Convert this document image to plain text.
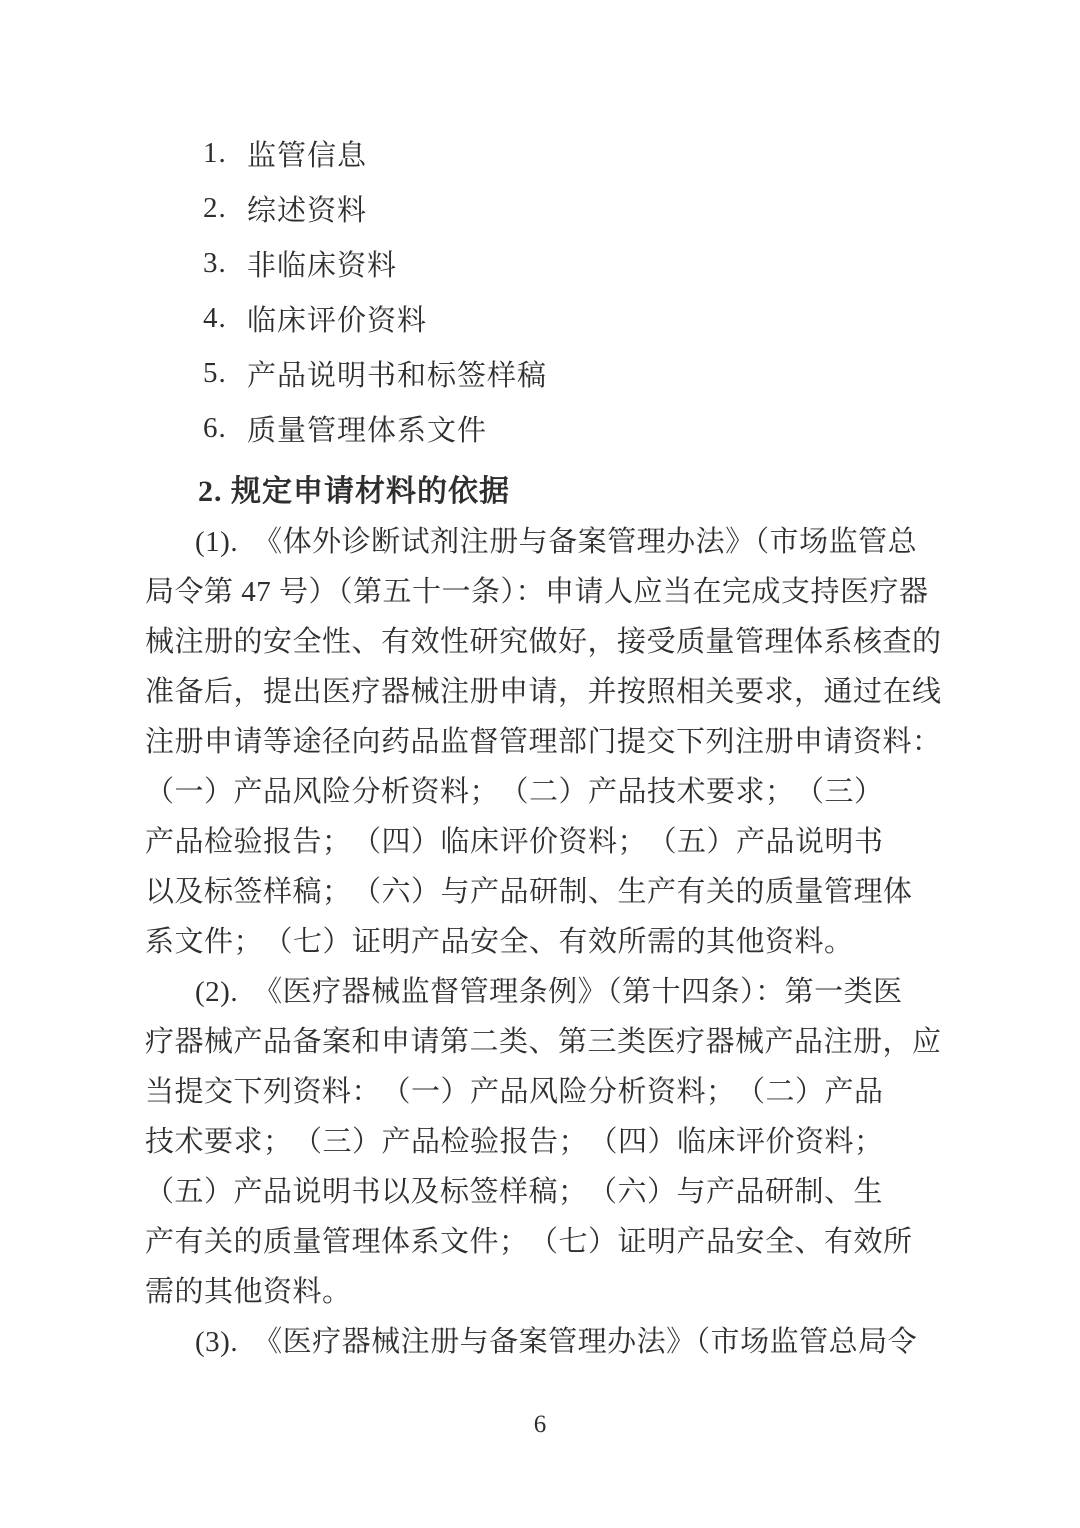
1. 监管信息
2. 综述资料
3. 非临床资料
4. 临床评价资料
5. 产品说明书和标签样稿
6. 质量管理体系文件
2. 规定申请材料的依据
(1).　《体外诊断试剂注册与备案管理办法》（市场监管总
局令第 47 号）（第五十一条）：申请人应当在完成支持医疗器
械注册的安全性、有效性研究做好，接受质量管理体系核查的
准备后，提出医疗器械注册申请，并按照相关要求，通过在线
注册申请等途径向药品监督管理部门提交下列注册申请资料：
（一）产品风险分析资料；　（二）产品技术要求；　（三）
产品检验报告；　（四）临床评价资料；　（五）产品说明书
以及标签样稿；　（六）与产品研制、生产有关的质量管理体
系文件；　（七）证明产品安全、有效所需的其他资料。
(2).　《医疗器械监督管理条例》（第十四条）：第一类医
疗器械产品备案和申请第二类、第三类医疗器械产品注册，应
当提交下列资料：　（一）产品风险分析资料；　（二）产品
技术要求；　（三）产品检验报告；　（四）临床评价资料；
（五）产品说明书以及标签样稿；　（六）与产品研制、生
产有关的质量管理体系文件；　（七）证明产品安全、有效所
需的其他资料。
(3).　《医疗器械注册与备案管理办法》（市场监管总局令
6
